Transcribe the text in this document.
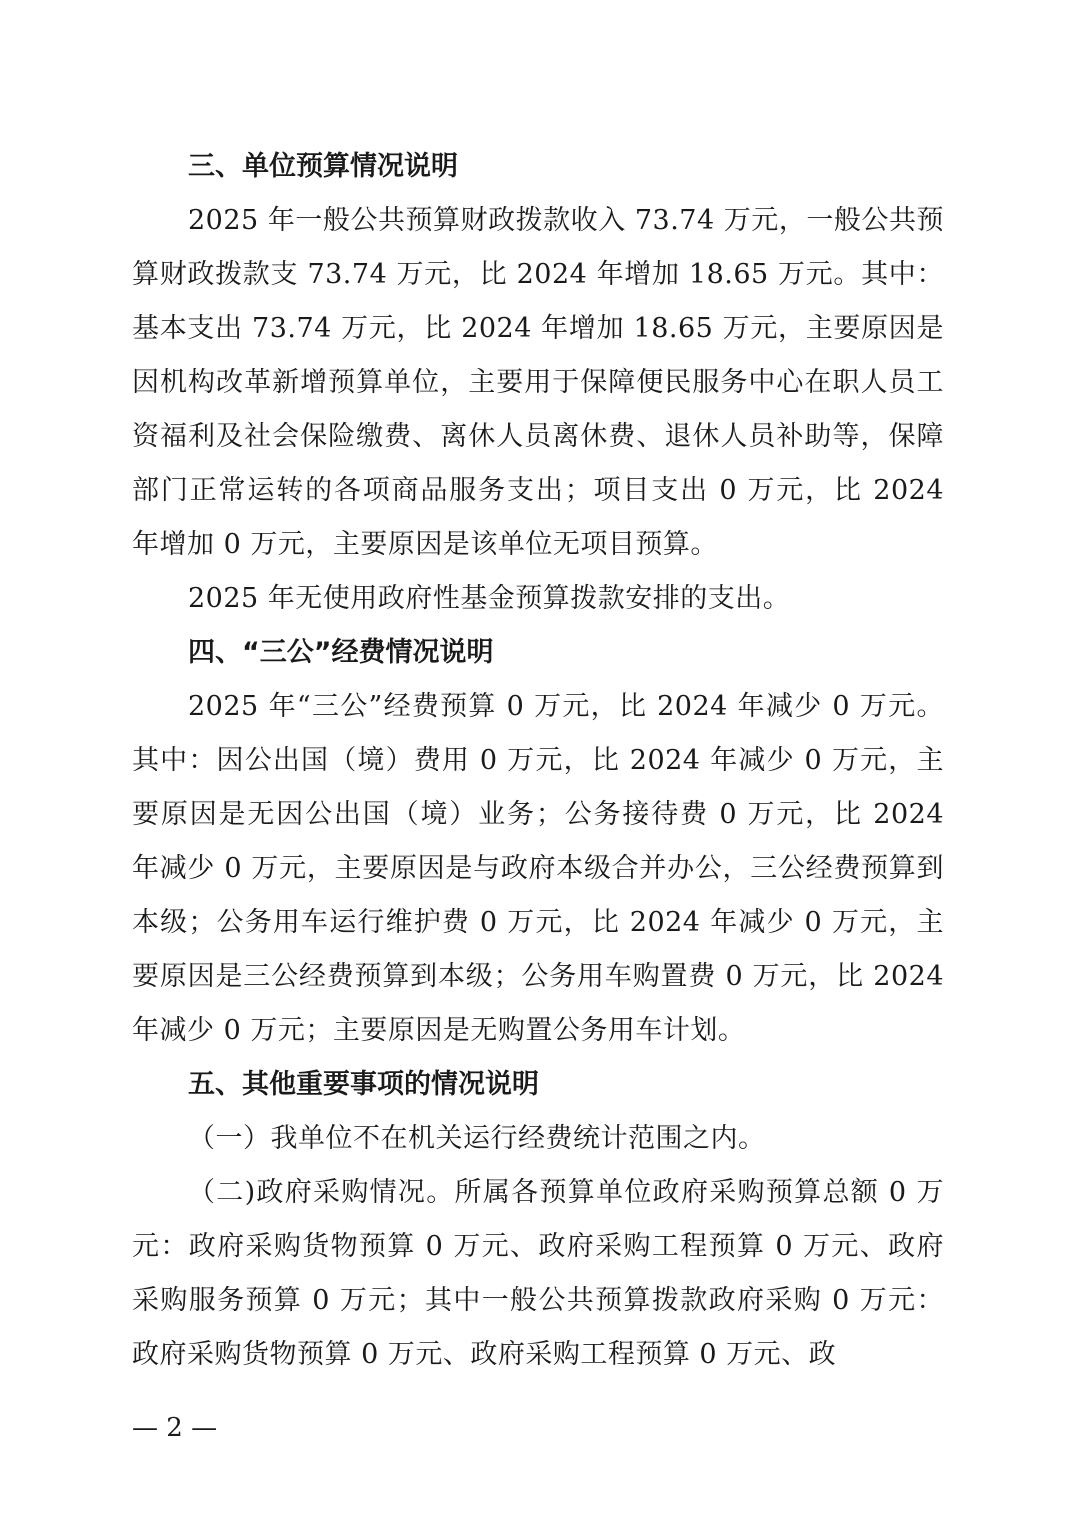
三、单位预算情况说明

2025 年一般公共预算财政拨款收入 73.74 万元，一般公共预算财政拨款支 73.74 万元，比 2024 年增加 18.65 万元。其中：基本支出 73.74 万元，比 2024 年增加 18.65 万元，主要原因是因机构改革新增预算单位，主要用于保障便民服务中心在职人员工资福利及社会保险缴费、离休人员离休费、退休人员补助等，保障部门正常运转的各项商品服务支出；项目支出 0 万元，比 2024 年增加 0 万元，主要原因是该单位无项目预算。

2025 年无使用政府性基金预算拨款安排的支出。

四、“三公”经费情况说明

2025 年“三公”经费预算 0 万元，比 2024 年减少 0 万元。其中：因公出国（境）费用 0 万元，比 2024 年减少 0 万元，主要原因是无因公出国（境）业务；公务接待费 0 万元，比 2024 年减少 0 万元，主要原因是与政府本级合并办公，三公经费预算到本级；公务用车运行维护费 0 万元，比 2024 年减少 0 万元，主要原因是三公经费预算到本级；公务用车购置费 0 万元，比 2024 年减少 0 万元；主要原因是无购置公务用车计划。

五、其他重要事项的情况说明

（一）我单位不在机关运行经费统计范围之内。

（二)政府采购情况。所属各预算单位政府采购预算总额 0 万元：政府采购货物预算 0 万元、政府采购工程预算 0 万元、政府采购服务预算 0 万元；其中一般公共预算拨款政府采购 0 万元：政府采购货物预算 0 万元、政府采购工程预算 0 万元、政

— 2 —
